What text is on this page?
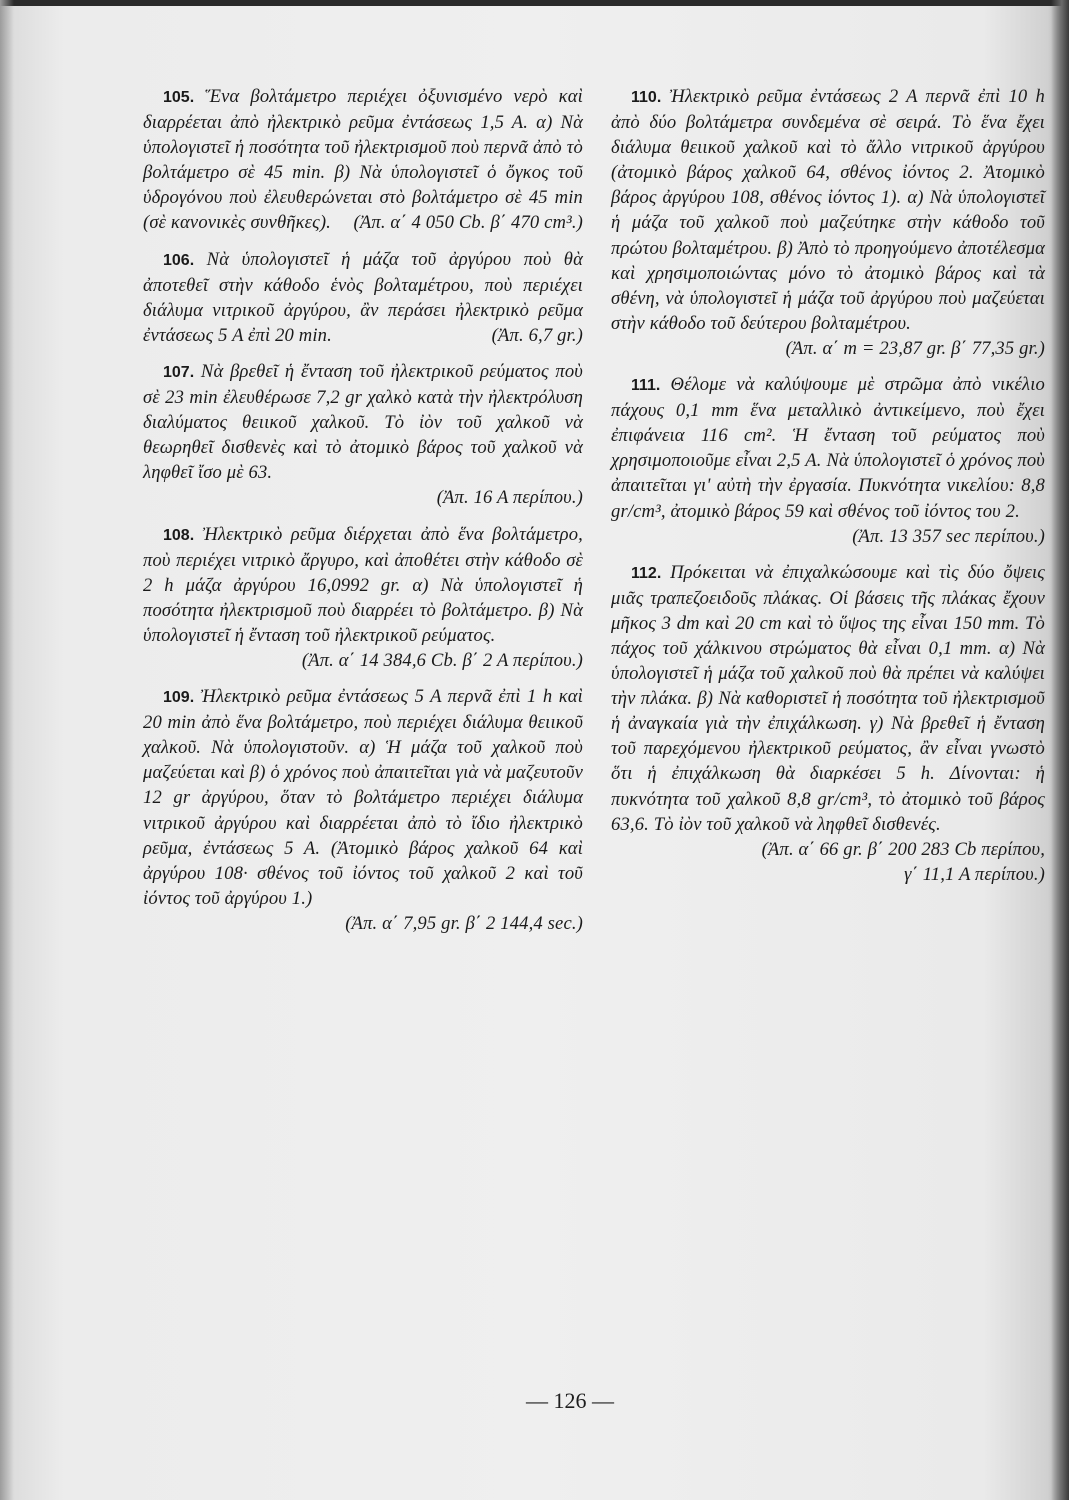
105. Ἕνα βολτάμετρο περιέχει ὀξυνισμένο νερὸ καὶ διαρρέεται ἀπὸ ἠλεκτρικὸ ρεῦμα ἐντάσεως 1,5 Α. α) Νὰ ὑπολογιστεῖ ἡ ποσότητα τοῦ ἠλεκτρισμοῦ ποὺ περνᾶ ἀπὸ τὸ βολτάμετρο σὲ 45 min. β) Νὰ ὑπολογιστεῖ ὁ ὄγκος τοῦ ὑδρογόνου ποὺ ἐλευθερώνεται στὸ βολτάμετρο σὲ 45 min (σὲ κανονικὲς συνθῆκες).	(Ἀπ. α΄ 4 050 Cb. β΄ 470 cm³.)

106. Νὰ ὑπολογιστεῖ ἡ μάζα τοῦ ἀργύρου ποὺ θὰ ἀποτεθεῖ στὴν κάθοδο ἑνὸς βολταμέτρου, ποὺ περιέχει διάλυμα νιτρικοῦ ἀργύρου, ἂν περάσει ἠλεκτρικὸ ρεῦμα ἐντάσεως 5 Α ἐπὶ 20 min.	(Ἀπ. 6,7 gr.)

107. Νὰ βρεθεῖ ἡ ἔνταση τοῦ ἠλεκτρικοῦ ρεύματος ποὺ σὲ 23 min ἐλευθέρωσε 7,2 gr χαλκὸ κατὰ τὴν ἠλεκτρόλυση διαλύματος θειικοῦ χαλκοῦ. Τὸ ἰὸν τοῦ χαλκοῦ νὰ θεωρηθεῖ δισθενὲς καὶ τὸ ἀτομικὸ βάρος τοῦ χαλκοῦ νὰ ληφθεῖ ἴσο μὲ 63.

(Ἀπ. 16 Α περίπου.)

108. Ἠλεκτρικὸ ρεῦμα διέρχεται ἀπὸ ἕνα βολτάμετρο, ποὺ περιέχει νιτρικὸ ἄργυρο, καὶ ἀποθέτει στὴν κάθοδο σὲ 2 h μάζα ἀργύρου 16,0992 gr. α) Νὰ ὑπολογιστεῖ ἡ ποσότητα ἠλεκτρισμοῦ ποὺ διαρρέει τὸ βολτάμετρο. β) Νὰ ὑπολογιστεῖ ἡ ἔνταση τοῦ ἠλεκτρικοῦ ρεύματος.

(Ἀπ. α΄ 14 384,6 Cb. β΄ 2 Α περίπου.)

109. Ἠλεκτρικὸ ρεῦμα ἐντάσεως 5 Α περνᾶ ἐπὶ 1 h καὶ 20 min ἀπὸ ἕνα βολτάμετρο, ποὺ περιέχει διάλυμα θειικοῦ χαλκοῦ. Νὰ ὑπολογιστοῦν. α) Ἡ μάζα τοῦ χαλκοῦ ποὺ μαζεύεται καὶ β) ὁ χρόνος ποὺ ἀπαιτεῖται γιὰ νὰ μαζευτοῦν 12 gr ἀργύρου, ὅταν τὸ βολτάμετρο περιέχει διάλυμα νιτρικοῦ ἀργύρου καὶ διαρρέεται ἀπὸ τὸ ἴδιο ἠλεκτρικὸ ρεῦμα, ἐντάσεως 5 Α. (Ἀτομικὸ βάρος χαλκοῦ 64 καὶ ἀργύρου 108· σθένος τοῦ ἰόντος τοῦ χαλκοῦ 2 καὶ τοῦ ἰόντος τοῦ ἀργύρου 1.)

(Ἀπ. α΄ 7,95 gr. β΄ 2 144,4 sec.)

110. Ἠλεκτρικὸ ρεῦμα ἐντάσεως 2 Α περνᾶ ἐπὶ 10 h ἀπὸ δύο βολτάμετρα συνδεμένα σὲ σειρά. Τὸ ἕνα ἔχει διάλυμα θειικοῦ χαλκοῦ καὶ τὸ ἄλλο νιτρικοῦ ἀργύρου (ἀτομικὸ βάρος χαλκοῦ 64, σθένος ἰόντος 2. Ἀτομικὸ βάρος ἀργύρου 108, σθένος ἰόντος 1). α) Νὰ ὑπολογιστεῖ ἡ μάζα τοῦ χαλκοῦ ποὺ μαζεύτηκε στὴν κάθοδο τοῦ πρώτου βολταμέτρου. β) Ἀπὸ τὸ προηγούμενο ἀποτέλεσμα καὶ χρησιμοποιώντας μόνο τὸ ἀτομικὸ βάρος καὶ τὰ σθένη, νὰ ὑπολογιστεῖ ἡ μάζα τοῦ ἀργύρου ποὺ μαζεύεται στὴν κάθοδο τοῦ δεύτερου βολταμέτρου.

(Ἀπ. α΄ m = 23,87 gr. β΄ 77,35 gr.)

111. Θέλομε νὰ καλύψουμε μὲ στρῶμα ἀπὸ νικέλιο πάχους 0,1 mm ἕνα μεταλλικὸ ἀντικείμενο, ποὺ ἔχει ἐπιφάνεια 116 cm². Ἡ ἔνταση τοῦ ρεύματος ποὺ χρησιμοποιοῦμε εἶναι 2,5 Α. Νὰ ὑπολογιστεῖ ὁ χρόνος ποὺ ἀπαιτεῖται γι' αὐτὴ τὴν ἐργασία. Πυκνότητα νικελίου: 8,8 gr/cm³, ἀτομικὸ βάρος 59 καὶ σθένος τοῦ ἰόντος του 2.

(Ἀπ. 13 357 sec περίπου.)

112. Πρόκειται νὰ ἐπιχαλκώσουμε καὶ τὶς δύο ὄψεις μιᾶς τραπεζοειδοῦς πλάκας. Οἱ βάσεις τῆς πλάκας ἔχουν μῆκος 3 dm καὶ 20 cm καὶ τὸ ὕψος της εἶναι 150 mm. Τὸ πάχος τοῦ χάλκινου στρώματος θὰ εἶναι 0,1 mm. α) Νὰ ὑπολογιστεῖ ἡ μάζα τοῦ χαλκοῦ ποὺ θὰ πρέπει νὰ καλύψει τὴν πλάκα. β) Νὰ καθοριστεῖ ἡ ποσότητα τοῦ ἠλεκτρισμοῦ ἡ ἀναγκαία γιὰ τὴν ἐπιχάλκωση. γ) Νὰ βρεθεῖ ἡ ἔνταση τοῦ παρεχόμενου ἠλεκτρικοῦ ρεύματος, ἂν εἶναι γνωστὸ ὅτι ἡ ἐπιχάλκωση θὰ διαρκέσει 5 h. Δίνονται: ἡ πυκνότητα τοῦ χαλκοῦ 8,8 gr/cm³, τὸ ἀτομικὸ τοῦ βάρος 63,6. Τὸ ἰὸν τοῦ χαλκοῦ νὰ ληφθεῖ δισθενές.

(Ἀπ. α΄ 66 gr. β΄ 200 283 Cb περίπου,

γ΄ 11,1 Α περίπου.)

— 126 —
